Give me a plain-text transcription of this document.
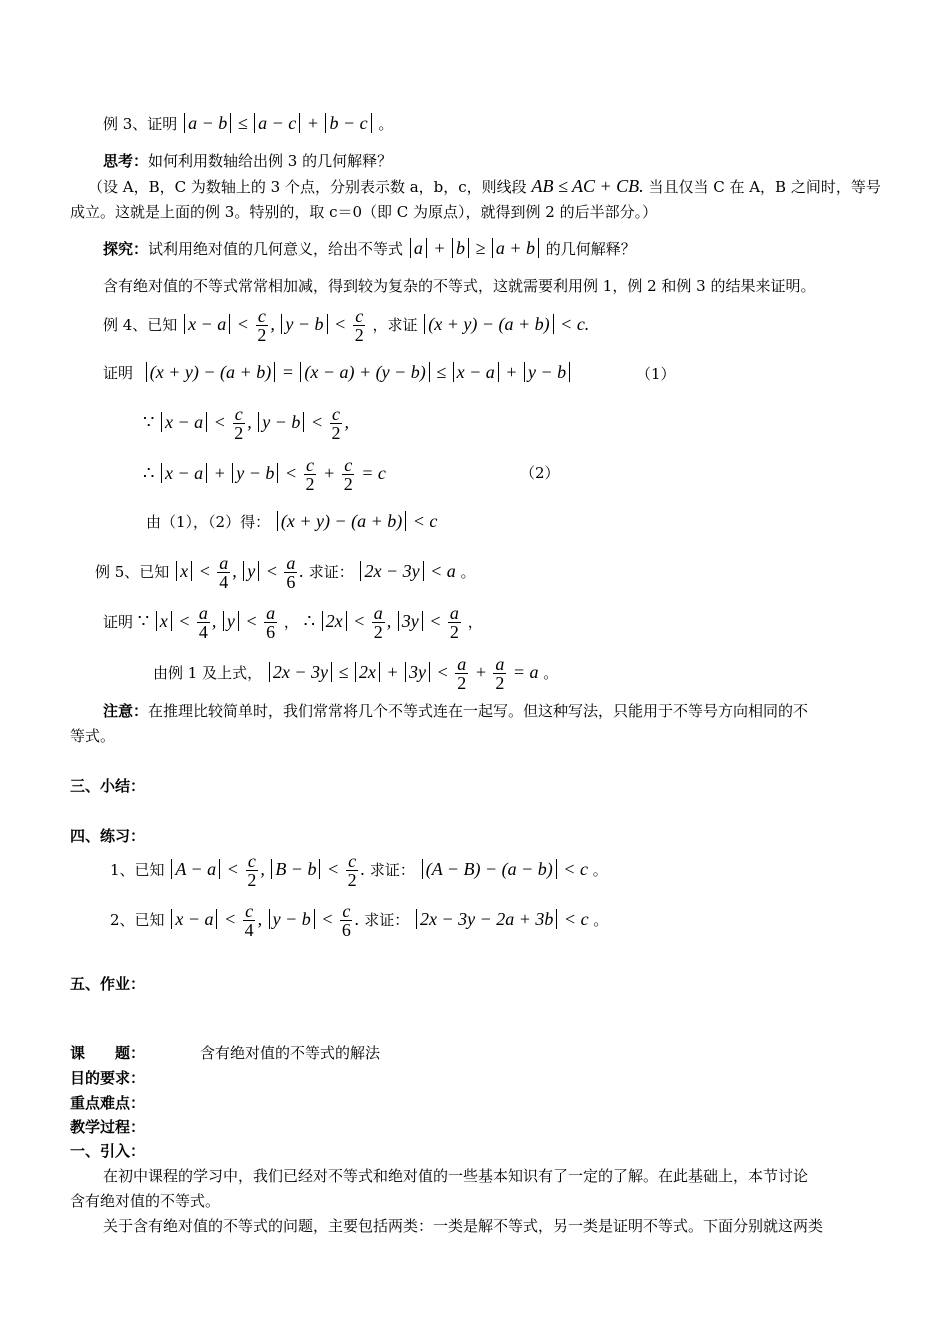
例 3、证明 a − b ≤ a − c + b − c 。
思考：如何利用数轴给出例 3 的几何解释？
（设 A，B，C 为数轴上的 3 个点，分别表示数 a，b，c，则线段 AB ≤ AC + CB. 当且仅当 C 在 A，B 之间时，等号
成立。这就是上面的例 3。特别的，取 c＝0（即 C 为原点），就得到例 2 的后半部分。）
探究：试利用绝对值的几何意义，给出不等式 a + b ≥ a + b 的几何解释？
含有绝对值的不等式常常相加减，得到较为复杂的不等式，这就需要利用例 1，例 2 和例 3 的结果来证明。
例 4、已知 $x - a < \frac{c}{2}$ , $y - b < \frac{c}{2}$ ，求证 (x + y) − (a + b) < c.
证明 (x + y) − (a + b) = (x − a) + (y − b) ≤ x − a + y − b	（1）
∵ $x - a < \frac{c}{2}$ , $y - b < \frac{c}{2}$ ,
∴ $x - a + y - b < \frac{c}{2} + \frac{c}{2} = c$	（2）
由（1），（2）得： (x + y) − (a + b) < c
例 5、已知 $x < \frac{a}{4}$ , $y < \frac{a}{6}$ . 求证： 2x − 3y < a 。
证明 ∵ $x < \frac{a}{4}$ , $y < \frac{a}{6}$ ， ∴ $2x < \frac{a}{2}$ , $3y < \frac{a}{2}$ ，
由例 1 及上式， $2x - 3y \le 2x + 3y < \frac{a}{2} + \frac{a}{2} = a$ 。
注意：在推理比较简单时，我们常常将几个不等式连在一起写。但这种写法，只能用于不等号方向相同的不
等式。
三、小结：
四、练习：
1、已知 $A - a < \frac{c}{2}$ , $B - b < \frac{c}{2}$ . 求证： (A − B) − (a − b) < c 。
2、已知 $x - a < \frac{c}{4}$ , $y - b < \frac{c}{6}$ . 求证： 2x − 3y − 2a + 3b < c 。
五、作业：
课　　题：	含有绝对值的不等式的解法
目的要求：
重点难点：
教学过程：
一、引入：
在初中课程的学习中，我们已经对不等式和绝对值的一些基本知识有了一定的了解。在此基础上，本节讨论
含有绝对值的不等式。
关于含有绝对值的不等式的问题，主要包括两类：一类是解不等式，另一类是证明不等式。下面分别就这两类
